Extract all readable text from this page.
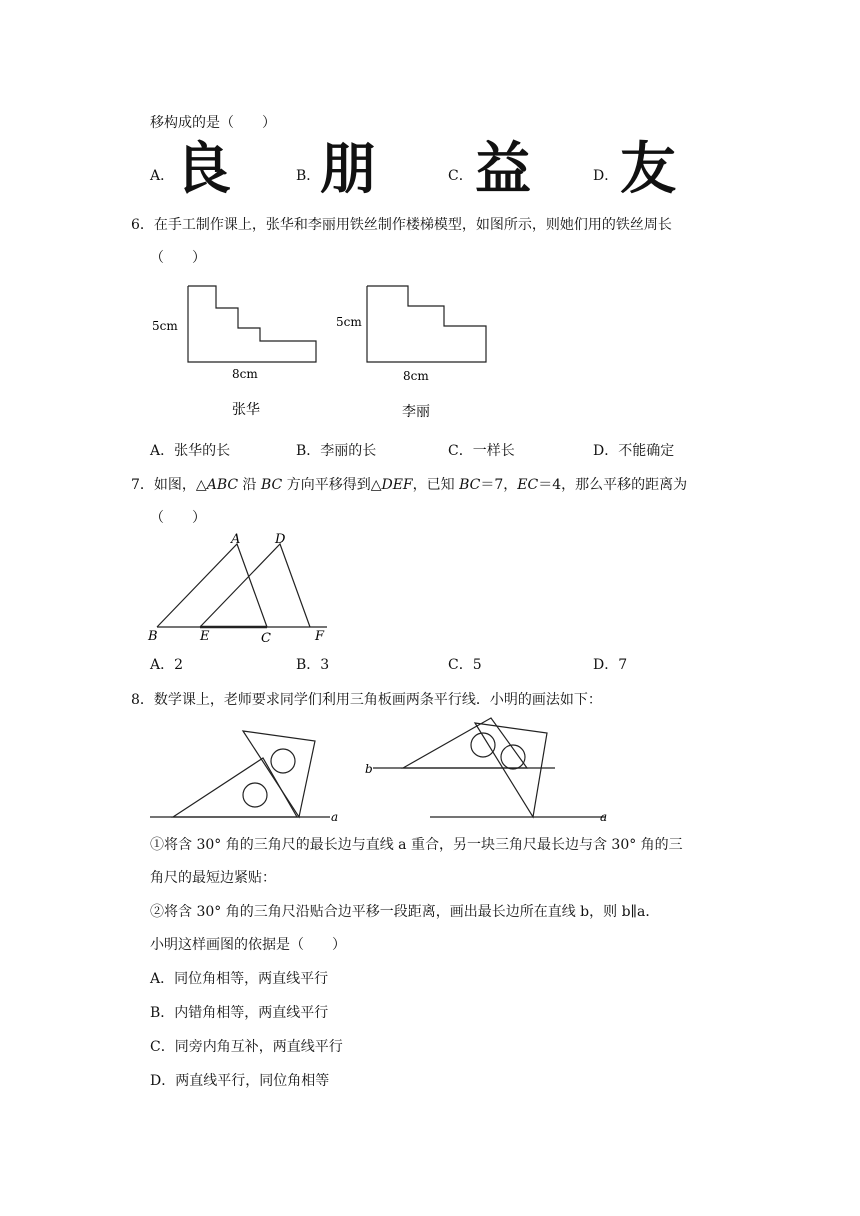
移构成的是（　　）
A． 良	B． 朋	C． 益	D． 友
6．在手工制作课上，张华和李丽用铁丝制作楼梯模型，如图所示，则她们用的铁丝周长
（　　）
5cm
8cm
张华
5cm
8cm
李丽
A．张华的长	B．李丽的长	C．一样长	D．不能确定
7．如图，△ABC 沿 BC 方向平移得到△DEF，已知 BC＝7，EC＝4，那么平移的距离为
（　　）
A	D
B	E	C	F
A．2	B．3	C．5	D．7
8．数学课上，老师要求同学们利用三角板画两条平行线．小明的画法如下：
a
b
a
①将含 30° 角的三角尺的最长边与直线 a 重合，另一块三角尺最长边与含 30° 角的三
角尺的最短边紧贴：
②将含 30° 角的三角尺沿贴合边平移一段距离，画出最长边所在直线 b，则 b∥a．
小明这样画图的依据是（　　）
A．同位角相等，两直线平行
B．内错角相等，两直线平行
C．同旁内角互补，两直线平行
D．两直线平行，同位角相等
